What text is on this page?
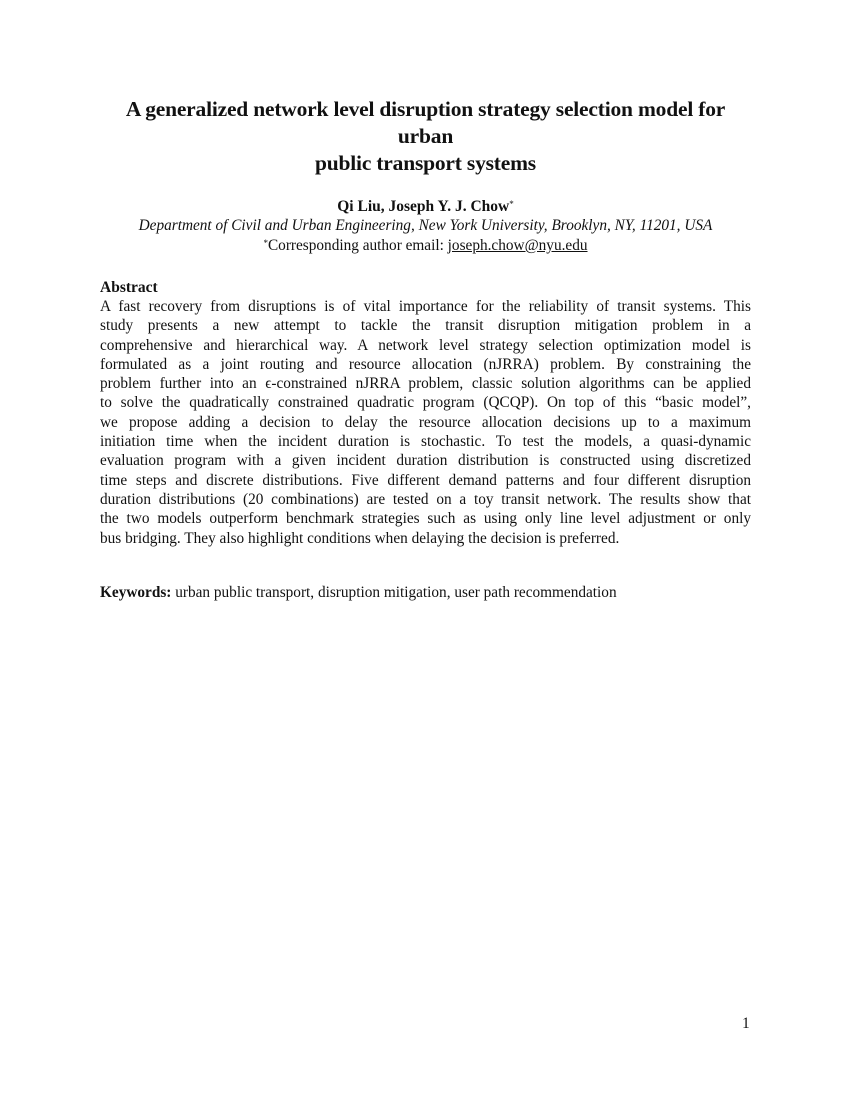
A generalized network level disruption strategy selection model for urban
public transport systems
Qi Liu, Joseph Y. J. Chow*
Department of Civil and Urban Engineering, New York University, Brooklyn, NY, 11201, USA
*Corresponding author email: joseph.chow@nyu.edu
Abstract
A fast recovery from disruptions is of vital importance for the reliability of transit systems. This
study presents a new attempt to tackle the transit disruption mitigation problem in a
comprehensive and hierarchical way. A network level strategy selection optimization model is
formulated as a joint routing and resource allocation (nJRRA) problem. By constraining the
problem further into an ϵ-constrained nJRRA problem, classic solution algorithms can be applied
to solve the quadratically constrained quadratic program (QCQP). On top of this “basic model”,
we propose adding a decision to delay the resource allocation decisions up to a maximum
initiation time when the incident duration is stochastic. To test the models, a quasi-dynamic
evaluation program with a given incident duration distribution is constructed using discretized
time steps and discrete distributions. Five different demand patterns and four different disruption
duration distributions (20 combinations) are tested on a toy transit network. The results show that
the two models outperform benchmark strategies such as using only line level adjustment or only
bus bridging. They also highlight conditions when delaying the decision is preferred.
Keywords: urban public transport, disruption mitigation, user path recommendation
1
